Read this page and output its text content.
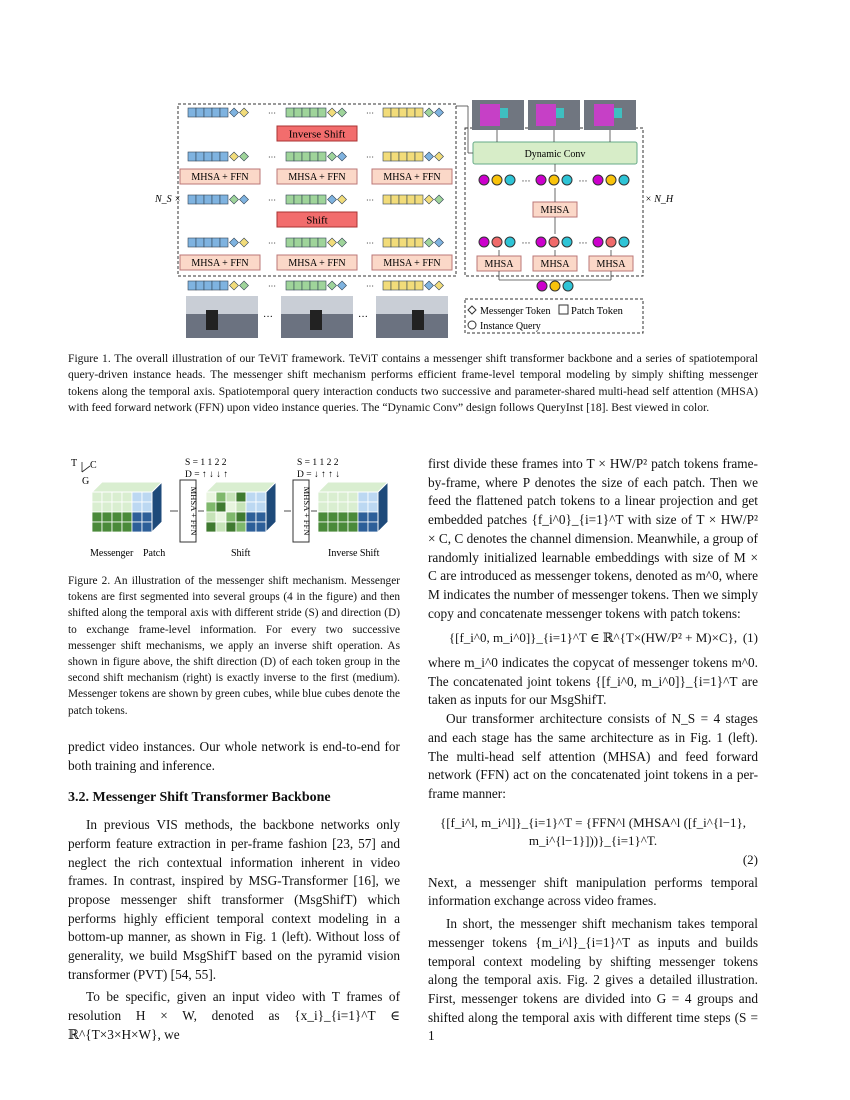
···	···
···	···
···	···
···	···
···	···
Inverse Shift
Shift
MHSA + FFN	MHSA + FFN	MHSA + FFN
MHSA + FFN	MHSA + FFN	MHSA + FFN
N_S ×	× N_H
···	···
Dynamic Conv
MHSA
MHSA	MHSA	MHSA
···	···
···	···
Messenger Token Patch Token
Instance Query
Figure 1. The overall illustration of our TeViT framework. TeViT contains a messenger shift transformer backbone and a series of spatiotemporal query-driven instance heads. The messenger shift mechanism performs efficient frame-level temporal modeling by simply shifting messenger tokens along the temporal axis. Spatiotemporal query interaction conducts two successive and parameter-shared multi-head self attention (MHSA) with feed forward network (FFN) upon video instance queries. The “Dynamic Conv” design follows QueryInst [18]. Best viewed in color.
T C
G
MHSA + FFN	MHSA + FFN
S = 1 1 2 2
D = ↑ ↓ ↓ ↑
S = 1 1 2 2
D = ↓ ↑ ↑ ↓
Messenger Patch	Shift	Inverse Shift
Figure 2. An illustration of the messenger shift mechanism. Messenger tokens are first segmented into several groups (4 in the figure) and then shifted along the temporal axis with different stride (S) and direction (D) to exchange frame-level information. For every two successive messenger shift mechanisms, we apply an inverse shift operation. As shown in figure above, the shift direction (D) of each token group in the second shift mechanism (right) is exactly inverse to the first (medium). Messenger tokens are shown by green cubes, while blue cubes denote the patch tokens.

predict video instances. Our whole network is end-to-end for both training and inference.

3.2. Messenger Shift Transformer Backbone

In previous VIS methods, the backbone networks only perform feature extraction in per-frame fashion [23, 57] and neglect the rich contextual information inherent in video frames. In contrast, inspired by MSG-Transformer [16], we propose messenger shift transformer (MsgShifT) which performs highly efficient temporal context modeling in a bottom-up manner, as shown in Fig. 1 (left). Without loss of generality, we build MsgShifT based on the pyramid vision transformer (PVT) [54, 55].

To be specific, given an input video with T frames of resolution H × W, denoted as {x_i}_{i=1}^T ∈ ℝ^{T×3×H×W}, we

first divide these frames into T × HW/P² patch tokens frame-by-frame, where P denotes the size of each patch. Then we feed the flattened patch tokens to a linear projection and get embedded patches {f_i^0}_{i=1}^T with size of T × HW/P² × C, C denotes the channel dimension. Meanwhile, a group of randomly initialized learnable embeddings with size of M × C are introduced as messenger tokens, denoted as m^0, where M indicates the number of messenger tokens. Then we simply copy and concatenate messenger tokens with patch tokens:

{[f_i^0, m_i^0]}_{i=1}^T ∈ ℝ^{T×(HW/P² + M)×C}, (1)

where m_i^0 indicates the copycat of messenger tokens m^0. The concatenated joint tokens {[f_i^0, m_i^0]}_{i=1}^T are taken as inputs for our MsgShifT.

Our transformer architecture consists of N_S = 4 stages and each stage has the same architecture as in Fig. 1 (left). The multi-head self attention (MHSA) and feed forward network (FFN) act on the concatenated joint tokens in a per-frame manner:

{[f_i^l, m_i^l]}_{i=1}^T = {FFN^l (MHSA^l ([f_i^{l−1}, m_i^{l−1}]))}_{i=1}^T.
(2)

Next, a messenger shift manipulation performs temporal information exchange across video frames.

In short, the messenger shift mechanism takes temporal messenger tokens {m_i^l}_{i=1}^T as inputs and builds temporal context modeling by shifting messenger tokens along the temporal axis. Fig. 2 gives a detailed illustration. First, messenger tokens are divided into G = 4 groups and shifted along the temporal axis with different time steps (S = 1
